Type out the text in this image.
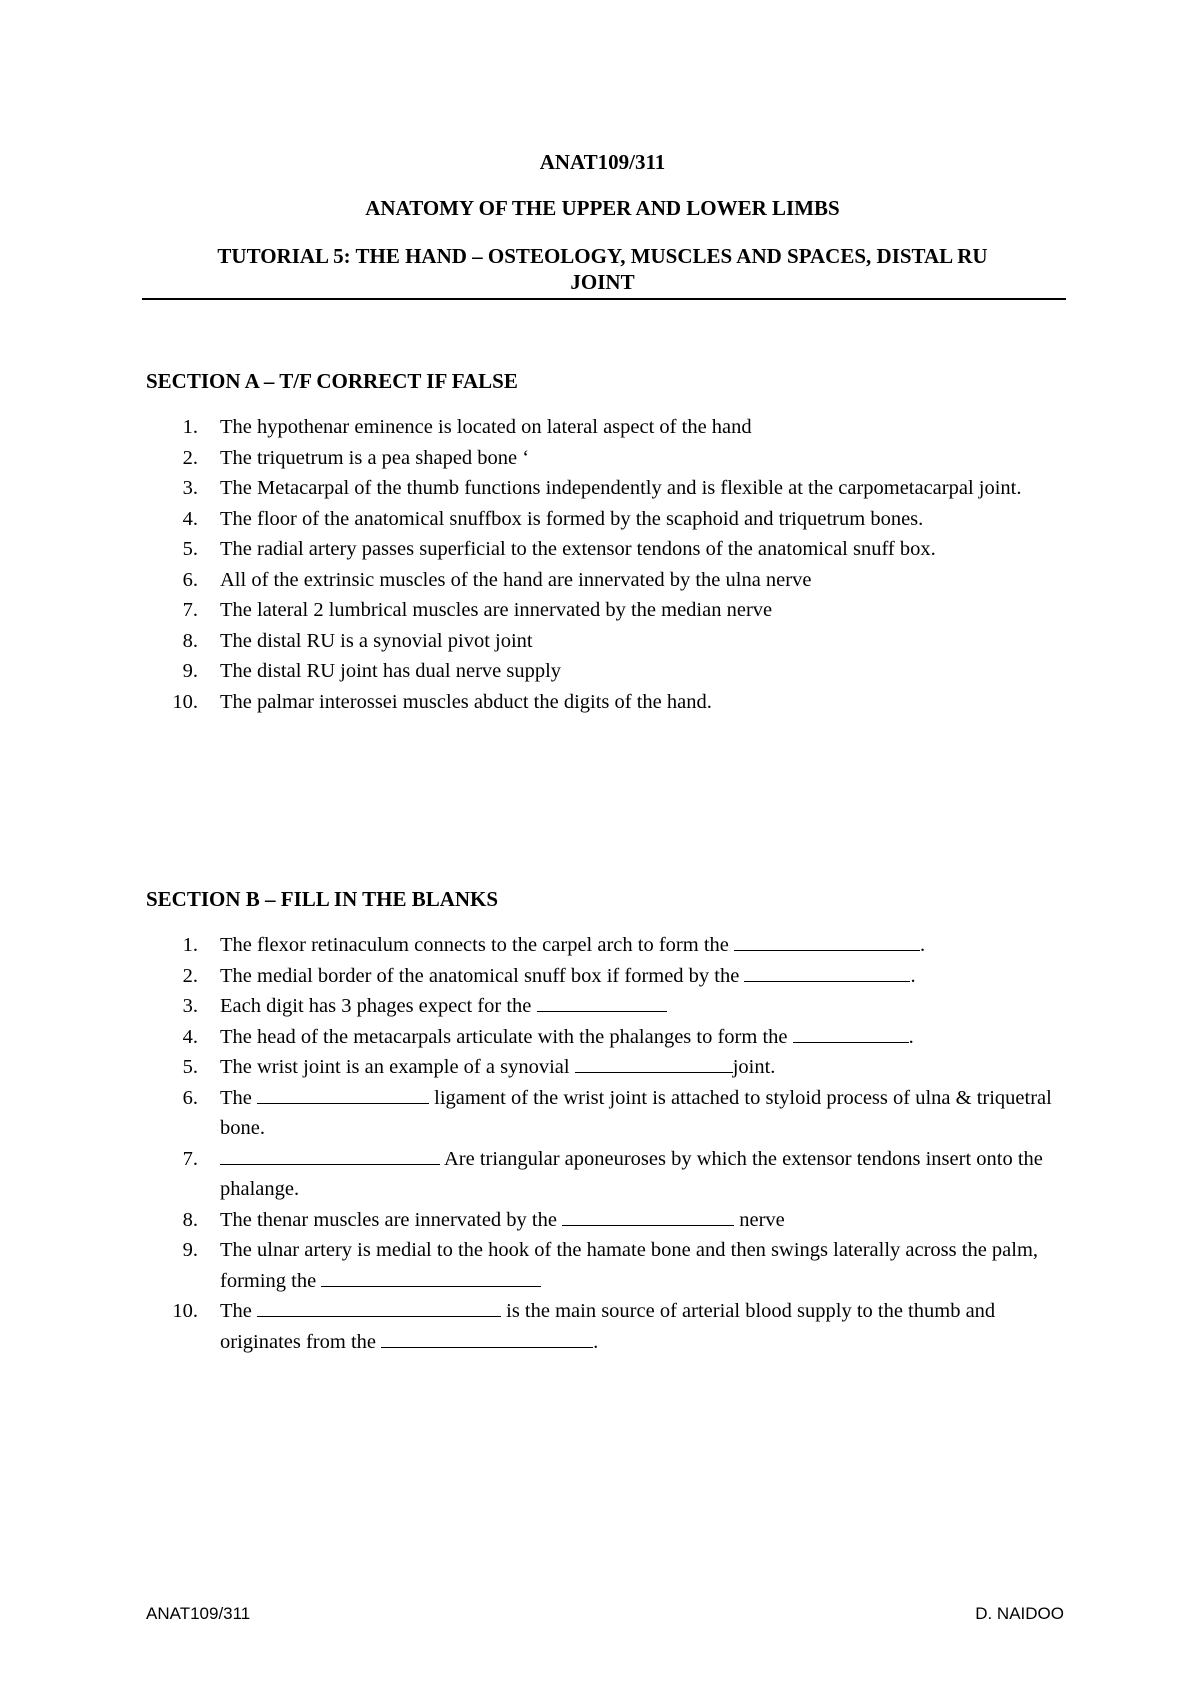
ANAT109/311
ANATOMY OF THE UPPER AND LOWER LIMBS
TUTORIAL 5: THE HAND – OSTEOLOGY, MUSCLES AND SPACES, DISTAL RU
JOINT
SECTION A – T/F CORRECT IF FALSE
1. The hypothenar eminence is located on lateral aspect of the hand
2. The triquetrum is a pea shaped bone ‘
3. The Metacarpal of the thumb functions independently and is flexible at the carpometacarpal joint.
4. The floor of the anatomical snuffbox is formed by the scaphoid and triquetrum bones.
5. The radial artery passes superficial to the extensor tendons of the anatomical snuff box.
6. All of the extrinsic muscles of the hand are innervated by the ulna nerve
7. The lateral 2 lumbrical muscles are innervated by the median nerve
8. The distal RU is a synovial pivot joint
9. The distal RU joint has dual nerve supply
10. The palmar interossei muscles abduct the digits of the hand.
SECTION B – FILL IN THE BLANKS
1. The flexor retinaculum connects to the carpel arch to form the	.
2. The medial border of the anatomical snuff box if formed by the	.
3. Each digit has 3 phages expect for the
4. The head of the metacarpals articulate with the phalanges to form the	.
5. The wrist joint is an example of a synovial	joint.
6. The	ligament of the wrist joint is attached to styloid process of ulna & triquetral bone.
7.	Are triangular aponeuroses by which the extensor tendons insert onto the phalange.
8. The thenar muscles are innervated by the	nerve
9. The ulnar artery is medial to the hook of the hamate bone and then swings laterally across the palm, forming the
10. The	is the main source of arterial blood supply to the thumb and originates from the	.
ANAT109/311	D. NAIDOO
